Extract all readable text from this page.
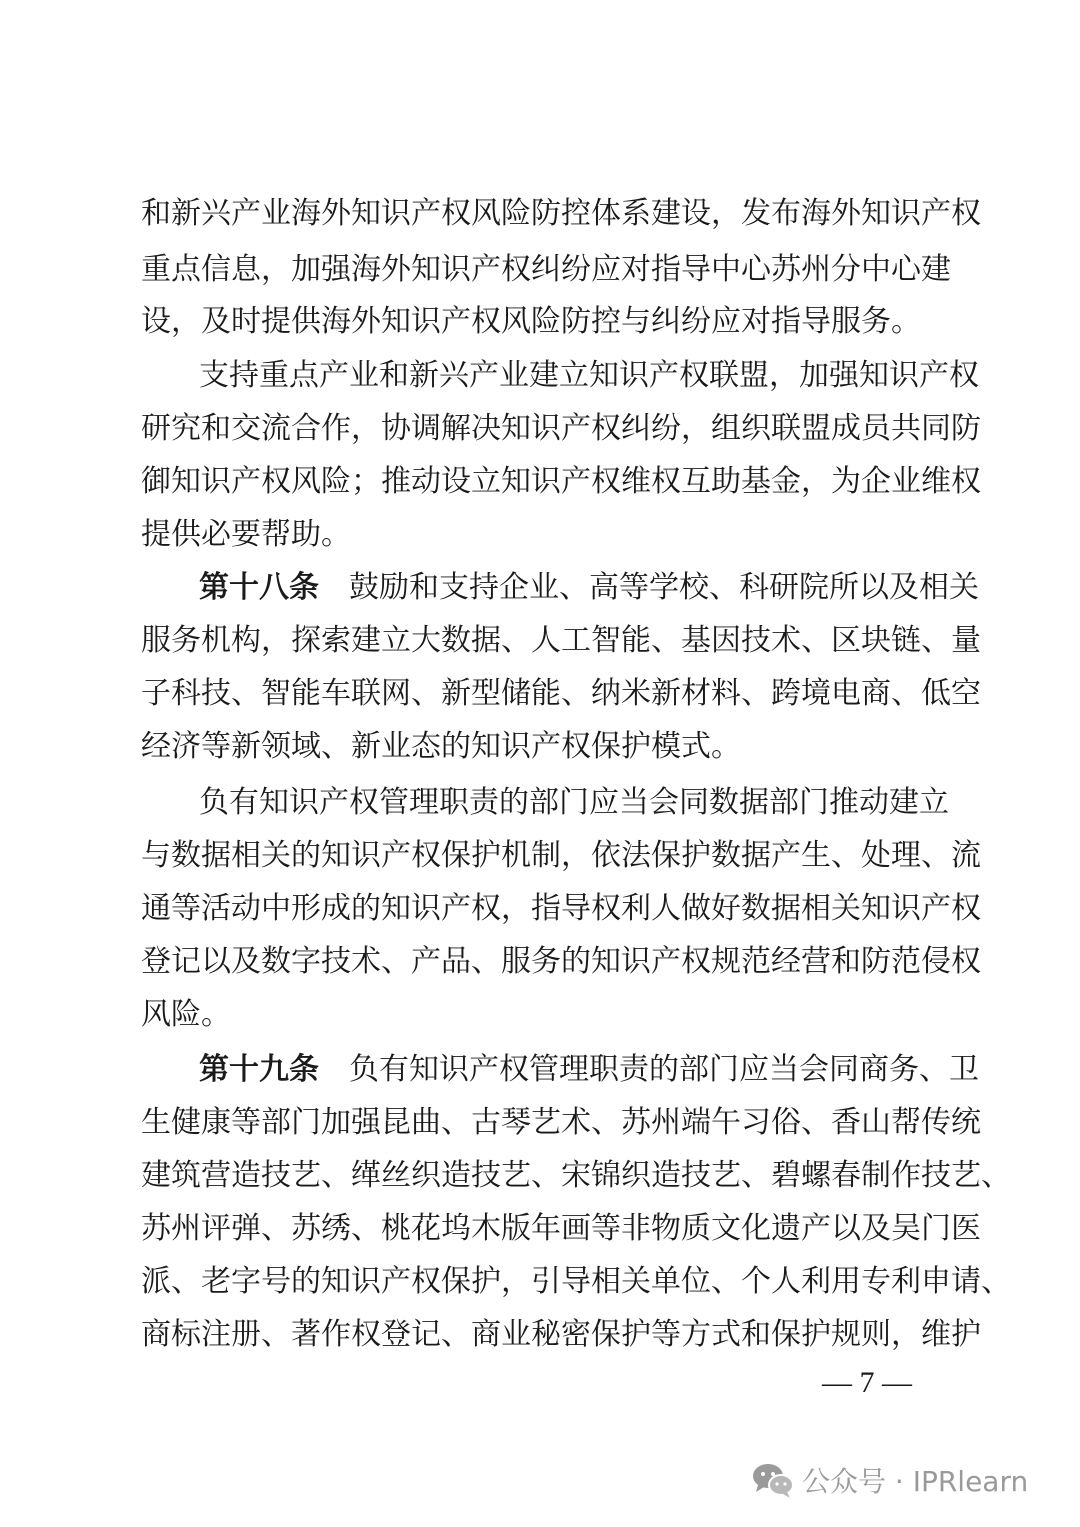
和新兴产业海外知识产权风险防控体系建设，发布海外知识产权
重点信息，加强海外知识产权纠纷应对指导中心苏州分中心建
设，及时提供海外知识产权风险防控与纠纷应对指导服务。
支持重点产业和新兴产业建立知识产权联盟，加强知识产权
研究和交流合作，协调解决知识产权纠纷，组织联盟成员共同防
御知识产权风险；推动设立知识产权维权互助基金，为企业维权
提供必要帮助。
第十八条 鼓励和支持企业、高等学校、科研院所以及相关
服务机构，探索建立大数据、人工智能、基因技术、区块链、量
子科技、智能车联网、新型储能、纳米新材料、跨境电商、低空
经济等新领域、新业态的知识产权保护模式。
负有知识产权管理职责的部门应当会同数据部门推动建立
与数据相关的知识产权保护机制，依法保护数据产生、处理、流
通等活动中形成的知识产权，指导权利人做好数据相关知识产权
登记以及数字技术、产品、服务的知识产权规范经营和防范侵权
风险。
第十九条 负有知识产权管理职责的部门应当会同商务、卫
生健康等部门加强昆曲、古琴艺术、苏州端午习俗、香山帮传统
建筑营造技艺、缂丝织造技艺、宋锦织造技艺、碧螺春制作技艺、
苏州评弹、苏绣、桃花坞木版年画等非物质文化遗产以及吴门医
派、老字号的知识产权保护，引导相关单位、个人利用专利申请、
商标注册、著作权登记、商业秘密保护等方式和保护规则，维护
— 7 —
公众号 · IPRlearn
